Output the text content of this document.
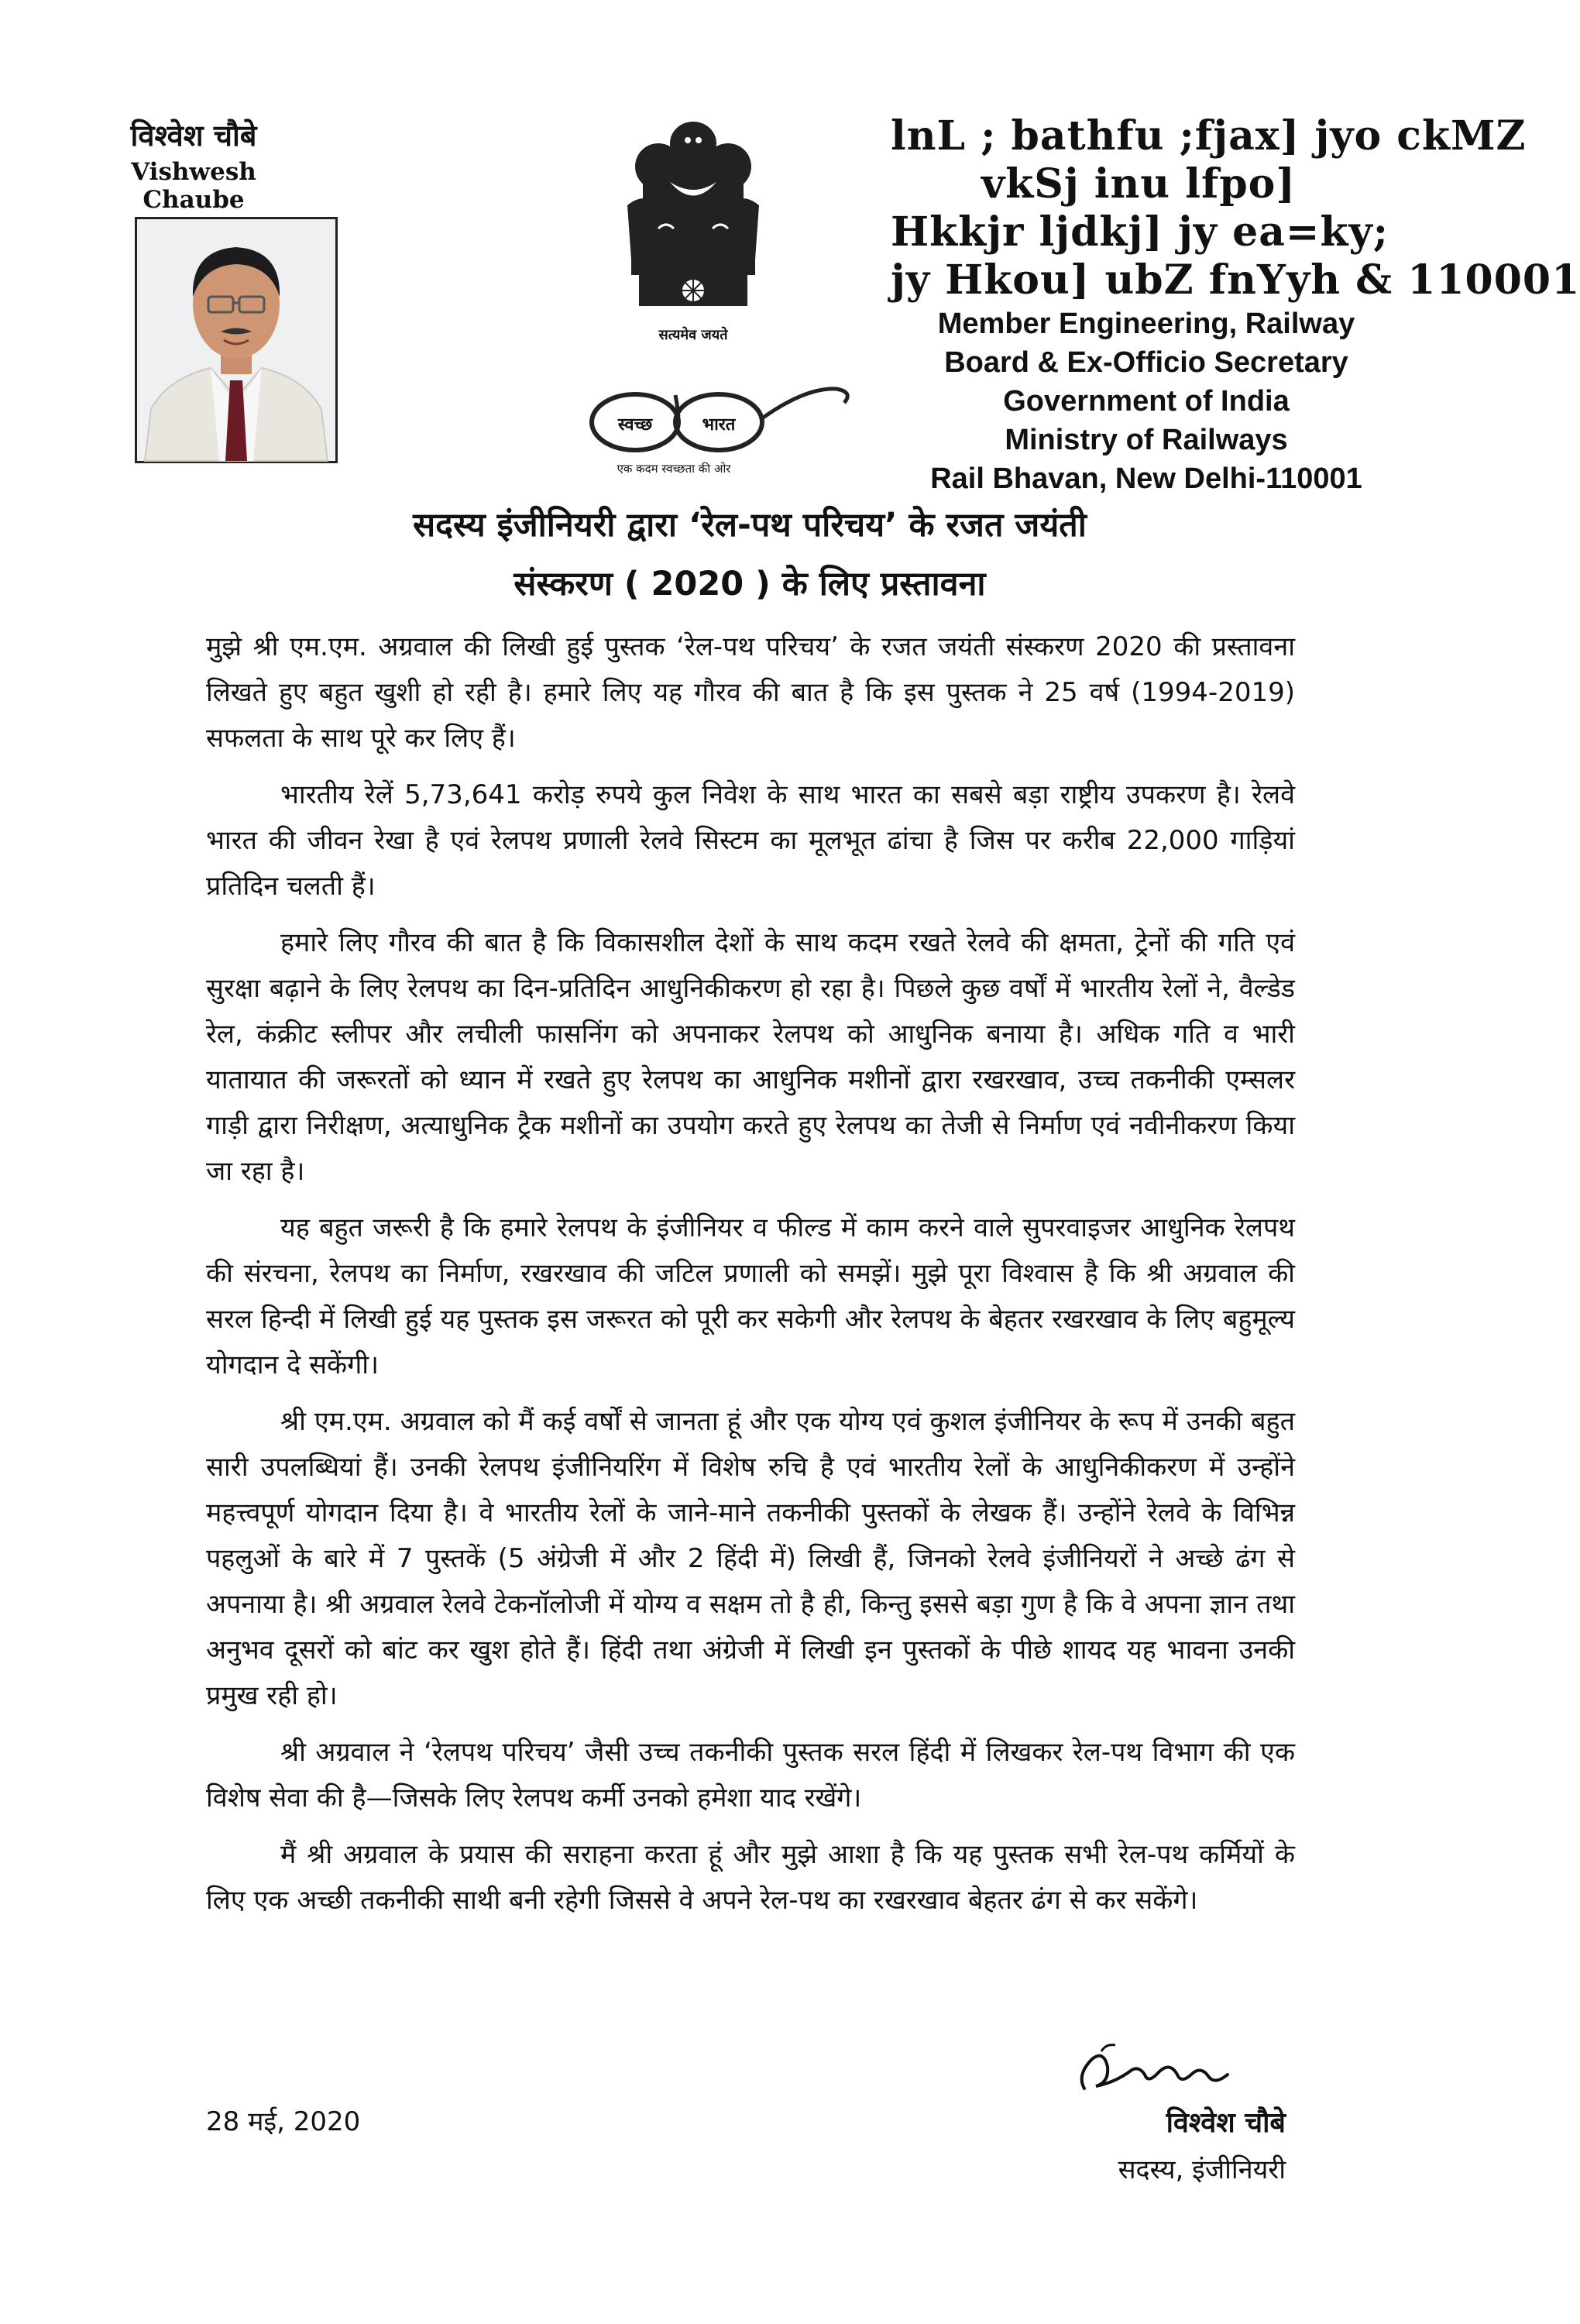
विश्वेश चौबे
Vishwesh Chaube
सत्यमेव जयते
स्वच्छ	भारत
एक कदम स्वच्छता की ओर
lnL ; bathfu ;fjax] jyo ckMZ
vkSj inu lfpo]
Hkkjr ljdkj] jy ea=ky;
jy Hkou] ubZ fnYyh & 110001
Member Engineering, Railway
Board & Ex-Officio Secretary
Government of India
Ministry of Railways
Rail Bhavan, New Delhi-110001
सदस्य इंजीनियरी द्वारा ‘रेल-पथ परिचय’ के रजत जयंती
संस्करण ( 2020 ) के लिए प्रस्तावना

मुझे श्री एम.एम. अग्रवाल की लिखी हुई पुस्तक ‘रेल-पथ परिचय’ के रजत जयंती संस्करण 2020 की प्रस्तावना लिखते हुए बहुत खुशी हो रही है। हमारे लिए यह गौरव की बात है कि इस पुस्तक ने 25 वर्ष (1994-2019) सफलता के साथ पूरे कर लिए हैं।

भारतीय रेलें 5,73,641 करोड़ रुपये कुल निवेश के साथ भारत का सबसे बड़ा राष्ट्रीय उपकरण है। रेलवे भारत की जीवन रेखा है एवं रेलपथ प्रणाली रेलवे सिस्टम का मूलभूत ढांचा है जिस पर करीब 22,000 गाड़ियां प्रतिदिन चलती हैं।

हमारे लिए गौरव की बात है कि विकासशील देशों के साथ कदम रखते रेलवे की क्षमता, ट्रेनों की गति एवं सुरक्षा बढ़ाने के लिए रेलपथ का दिन-प्रतिदिन आधुनिकीकरण हो रहा है। पिछले कुछ वर्षों में भारतीय रेलों ने, वैल्डेड रेल, कंक्रीट स्लीपर और लचीली फासनिंग को अपनाकर रेलपथ को आधुनिक बनाया है। अधिक गति व भारी यातायात की जरूरतों को ध्यान में रखते हुए रेलपथ का आधुनिक मशीनों द्वारा रखरखाव, उच्च तकनीकी एम्सलर गाड़ी द्वारा निरीक्षण, अत्याधुनिक ट्रैक मशीनों का उपयोग करते हुए रेलपथ का तेजी से निर्माण एवं नवीनीकरण किया जा रहा है।

यह बहुत जरूरी है कि हमारे रेलपथ के इंजीनियर व फील्ड में काम करने वाले सुपरवाइजर आधुनिक रेलपथ की संरचना, रेलपथ का निर्माण, रखरखाव की जटिल प्रणाली को समझें। मुझे पूरा विश्वास है कि श्री अग्रवाल की सरल हिन्दी में लिखी हुई यह पुस्तक इस जरूरत को पूरी कर सकेगी और रेलपथ के बेहतर रखरखाव के लिए बहुमूल्य योगदान दे सकेंगी।

श्री एम.एम. अग्रवाल को मैं कई वर्षों से जानता हूं और एक योग्य एवं कुशल इंजीनियर के रूप में उनकी बहुत सारी उपलब्धियां हैं। उनकी रेलपथ इंजीनियरिंग में विशेष रुचि है एवं भारतीय रेलों के आधुनिकीकरण में उन्होंने महत्त्वपूर्ण योगदान दिया है। वे भारतीय रेलों के जाने-माने तकनीकी पुस्तकों के लेखक हैं। उन्होंने रेलवे के विभिन्न पहलुओं के बारे में 7 पुस्तकें (5 अंग्रेजी में और 2 हिंदी में) लिखी हैं, जिनको रेलवे इंजीनियरों ने अच्छे ढंग से अपनाया है। श्री अग्रवाल रेलवे टेकनॉलोजी में योग्य व सक्षम तो है ही, किन्तु इससे बड़ा गुण है कि वे अपना ज्ञान तथा अनुभव दूसरों को बांट कर खुश होते हैं। हिंदी तथा अंग्रेजी में लिखी इन पुस्तकों के पीछे शायद यह भावना उनकी प्रमुख रही हो।

श्री अग्रवाल ने ‘रेलपथ परिचय’ जैसी उच्च तकनीकी पुस्तक सरल हिंदी में लिखकर रेल-पथ विभाग की एक विशेष सेवा की है—जिसके लिए रेलपथ कर्मी उनको हमेशा याद रखेंगे।

मैं श्री अग्रवाल के प्रयास की सराहना करता हूं और मुझे आशा है कि यह पुस्तक सभी रेल-पथ कर्मियों के लिए एक अच्छी तकनीकी साथी बनी रहेगी जिससे वे अपने रेल-पथ का रखरखाव बेहतर ढंग से कर सकेंगे।

28 मई, 2020	विश्वेश चौबे
सदस्य, इंजीनियरी
